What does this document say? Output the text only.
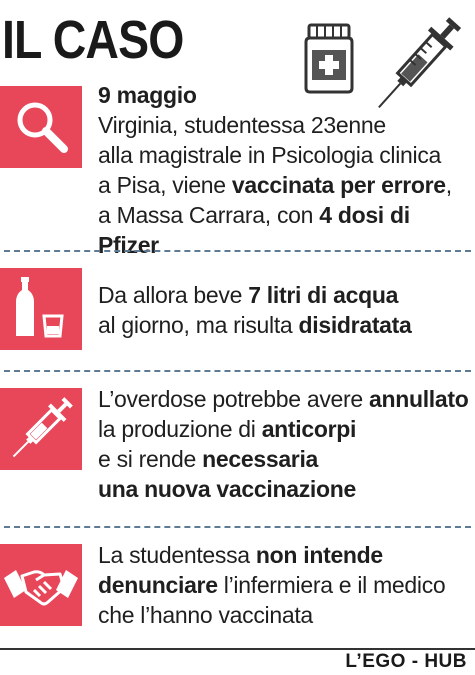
IL CASO
9 maggio
Virginia, studentessa 23enne
alla magistrale in Psicologia clinica
a Pisa, viene vaccinata per errore,
a Massa Carrara, con 4 dosi di Pfizer
Da allora beve 7 litri di acqua
al giorno, ma risulta disidratata
L’overdose potrebbe avere annullato
la produzione di anticorpi
e si rende necessaria
una nuova vaccinazione
La studentessa non intende
denunciare l’infermiera e il medico
che l’hanno vaccinata
L’EGO - HUB
